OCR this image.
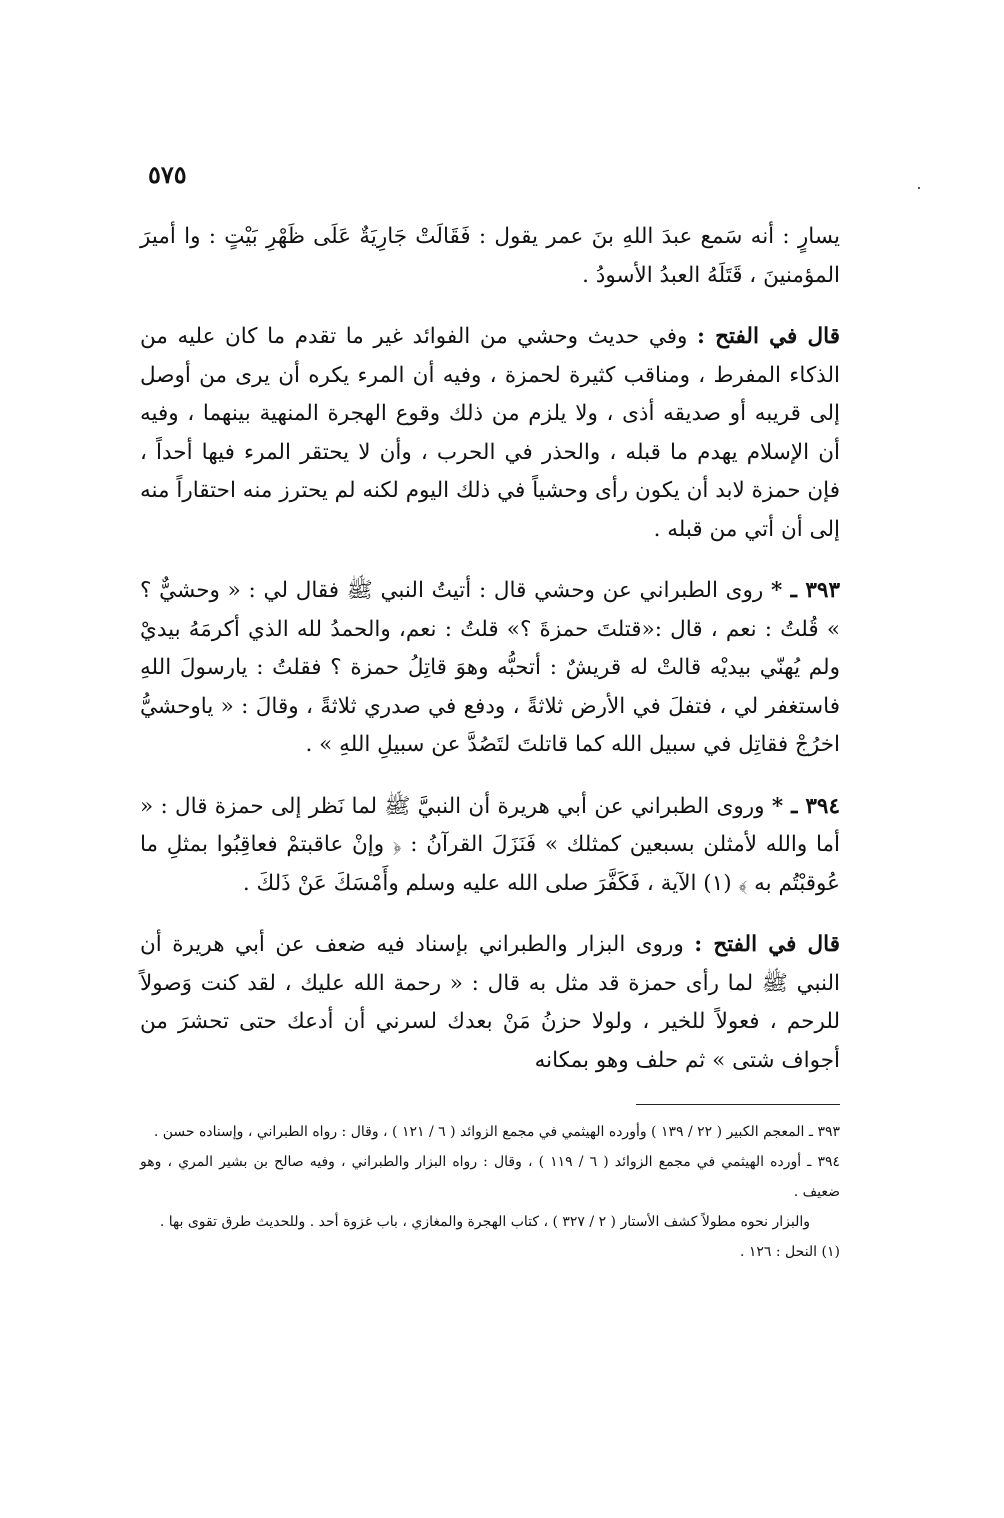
٥٧٥

يسارٍ : أنه سَمع عبدَ اللهِ بنَ عمر يقول : فَقَالَتْ جَارِيَةٌ عَلَى ظَهْرِ بَيْتٍ : وا أميرَ المؤمنينَ ، قَتَلَهُ العبدُ الأسودُ .

قال في الفتح : وفي حديث وحشي من الفوائد غير ما تقدم ما كان عليه من الذكاء المفرط ، ومناقب كثيرة لحمزة ، وفيه أن المرء يكره أن يرى من أوصل إلى قريبه أو صديقه أذى ، ولا يلزم من ذلك وقوع الهجرة المنهية بينهما ، وفيه أن الإسلام يهدم ما قبله ، والحذر في الحرب ، وأن لا يحتقر المرء فيها أحداً ، فإن حمزة لابد أن يكون رأى وحشياً في ذلك اليوم لكنه لم يحترز منه احتقاراً منه إلى أن أتي من قبله .

٣٩٣ ـ * روى الطبراني عن وحشي قال : أتيتُ النبي ﷺ فقال لي : « وحشيٌّ ؟ » قُلتُ : نعم ، قال :«قتلتَ حمزةَ ؟» قلتُ : نعم، والحمدُ لله الذي أكرمَهُ بيديْ ولم يُهنّي بيديْه قالتْ له قريشٌ : أتحبُّه وهوَ قاتِلُ حمزة ؟ فقلتُ : يارسولَ اللهِ فاستغفر لي ، فتفلَ في الأرض ثلاثةً ، ودفع في صدري ثلاثةً ، وقالَ : « ياوحشيُّ اخرُجْ فقاتِل في سبيل الله كما قاتلتَ لتَصُدَّ عن سبيلِ اللهِ » .

٣٩٤ ـ * وروى الطبراني عن أبي هريرة أن النبيَّ ﷺ لما نَظر إلى حمزة قال : « أما والله لأمثلن بسبعين كمثلك » فَنَزَلَ القرآنُ : ﴿ وإنْ عاقبتمْ فعاقِبُوا بمثلِ ما عُوقبْتُم به ﴾ (١) الآية ، فَكَفَّرَ صلى الله عليه وسلم وأَمْسَكَ عَنْ ذَلكَ .

قال في الفتح : وروى البزار والطبراني بإسناد فيه ضعف عن أبي هريرة أن النبي ﷺ لما رأى حمزة قد مثل به قال : « رحمة الله عليك ، لقد كنت وَصولاً للرحم ، فعولاً للخير ، ولولا حزنُ مَنْ بعدك لسرني أن أدعك حتى تحشرَ من أجواف شتى » ثم حلف وهو بمكانه

٣٩٣ ـ المعجم الكبير ( ٢٢ / ١٣٩ ) وأورده الهيثمي في مجمع الزوائد ( ٦ / ١٢١ ) ، وقال : رواه الطبراني ، وإسناده حسن .

٣٩٤ ـ أورده الهيثمي في مجمع الزوائد ( ٦ / ١١٩ ) ، وقال : رواه البزار والطبراني ، وفيه صالح بن بشير المري ، وهو ضعيف .

والبزار نحوه مطولاً كشف الأستار ( ٢ / ٣٢٧ ) ، كتاب الهجرة والمغازي ، باب غزوة أحد . وللحديث طرق تقوى بها .

(١) النحل : ١٢٦ .
